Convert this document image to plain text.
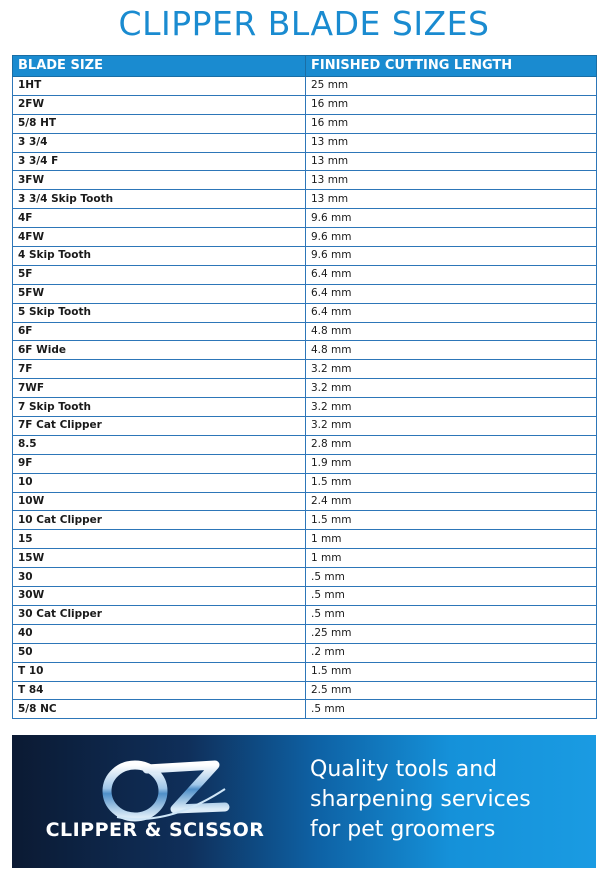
CLIPPER BLADE SIZES
BLADE SIZE	FINISHED CUTTING LENGTH
1HT	25 mm
2FW	16 mm
5/8 HT	16 mm
3 3/4	13 mm
3 3/4 F	13 mm
3FW	13 mm
3 3/4 Skip Tooth	13 mm
4F	9.6 mm
4FW	9.6 mm
4 Skip Tooth	9.6 mm
5F	6.4 mm
5FW	6.4 mm
5 Skip Tooth	6.4 mm
6F	4.8 mm
6F Wide	4.8 mm
7F	3.2 mm
7WF	3.2 mm
7 Skip Tooth	3.2 mm
7F Cat Clipper	3.2 mm
8.5	2.8 mm
9F	1.9 mm
10	1.5 mm
10W	2.4 mm
10 Cat Clipper	1.5 mm
15	1 mm
15W	1 mm
30	.5 mm
30W	.5 mm
30 Cat Clipper	.5 mm
40	.25 mm
50	.2 mm
T 10	1.5 mm
T 84	2.5 mm
5/8 NC	.5 mm
CLIPPER & SCISSOR
Quality tools and
sharpening services
for pet groomers
